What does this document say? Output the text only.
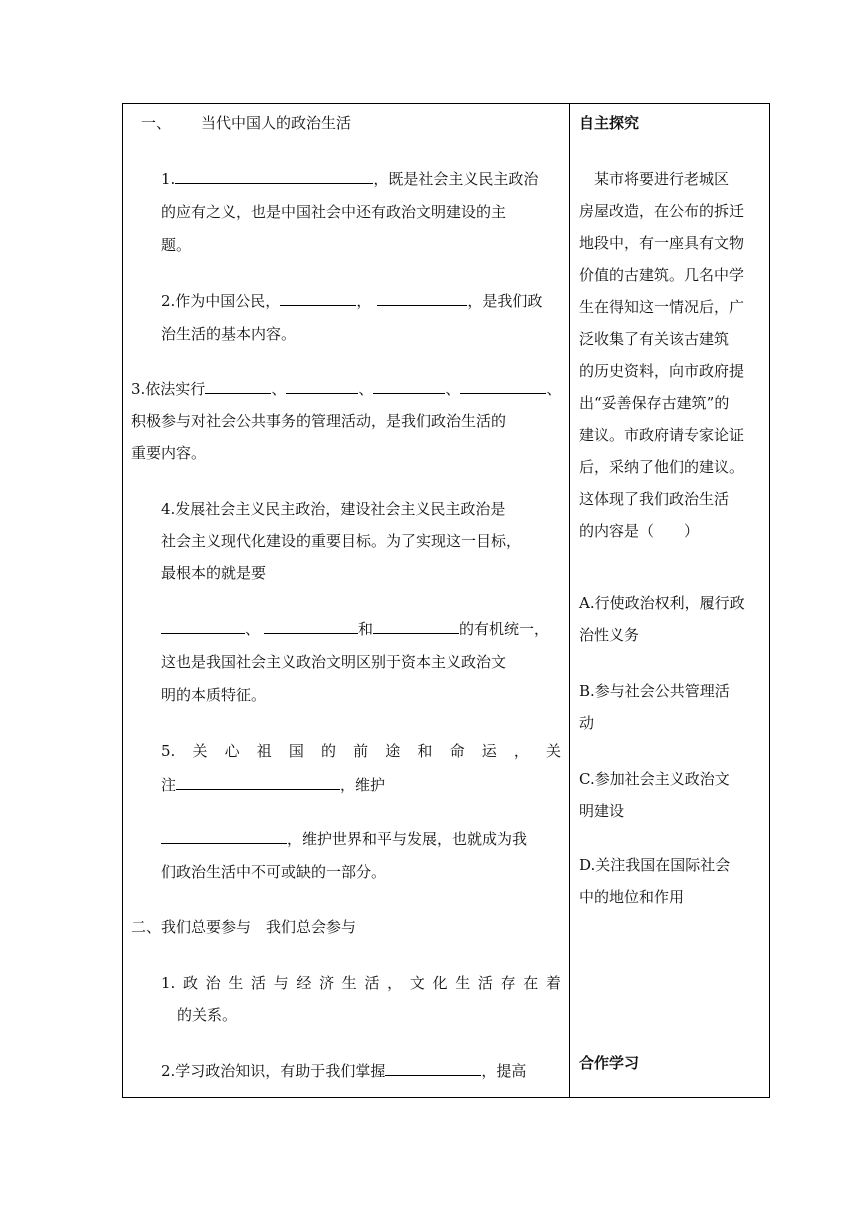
一、 当代中国人的政治生活
1.	，既是社会主义民主政治
的应有之义，也是中国社会中还有政治文明建设的主
题。
2.作为中国公民，	，	，是我们政
治生活的基本内容。
3.依法实行	、	、	、	、
积极参与对社会公共事务的管理活动，是我们政治生活的
重要内容。
4.发展社会主义民主政治，建设社会主义民主政治是
社会主义现代化建设的重要目标。为了实现这一目标，
最根本的就是要
、	和	的有机统一，
这也是我国社会主义政治文明区别于资本主义政治文
明的本质特征。
5. 关 心 祖 国 的 前 途 和 命 运 ， 关
注	，维护
，维护世界和平与发展，也就成为我
们政治生活中不可或缺的一部分。
二、我们总要参与　我们总会参与
1. 政 治 生 活 与 经 济 生 活 ， 文 化 生 活 存 在 着
的关系。
2.学习政治知识，有助于我们掌握	，提高
自主探究
某市将要进行老城区
房屋改造，在公布的拆迁
地段中，有一座具有文物
价值的古建筑。几名中学
生在得知这一情况后，广
泛收集了有关该古建筑
的历史资料，向市政府提
出“妥善保存古建筑”的
建议。市政府请专家论证
后，采纳了他们的建议。
这体现了我们政治生活
的内容是（　　）
A.行使政治权利，履行政
治性义务
B.参与社会公共管理活
动
C.参加社会主义政治文
明建设
D.关注我国在国际社会
中的地位和作用
合作学习
